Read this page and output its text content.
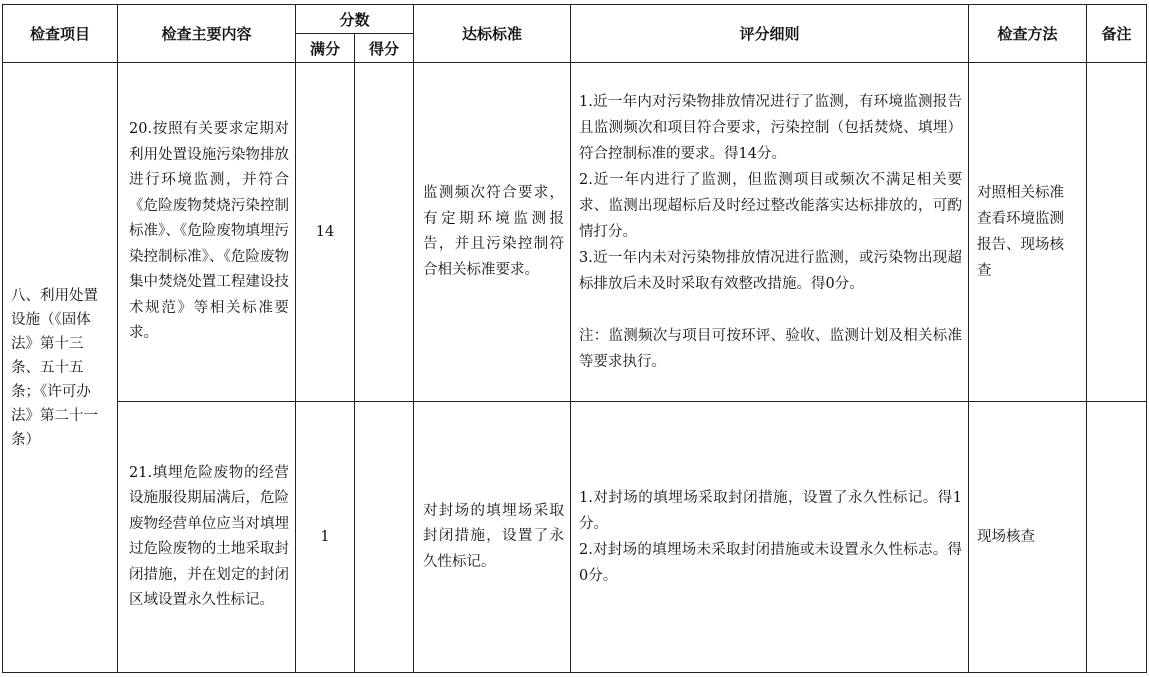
检查项目	检查主要内容	分数		达标标准	评分细则	检查方法	备注
		满分	得分				
八、利用处置设施（《固体法》第十三条、五十五条；《许可办法》第二十一条）	20.按照有关要求定期对利用处置设施污染物排放进行环境监测，并符合《危险废物焚烧污染控制标准》、《危险废物填埋污染控制标准》、《危险废物集中焚烧处置工程建设技术规范》等相关标准要求。	14		监测频次符合要求，有定期环境监测报告，并且污染控制符合相关标准要求。	1.近一年内对污染物排放情况进行了监测，有环境监测报告且监测频次和项目符合要求，污染控制（包括焚烧、填埋）符合控制标准的要求。得14分。
2.近一年内进行了监测，但监测项目或频次不满足相关要求、监测出现超标后及时经过整改能落实达标排放的，可酌情打分。
3.近一年内未对污染物排放情况进行监测，或污染物出现超标排放后未及时采取有效整改措施。得0分。
注：监测频次与项目可按环评、验收、监测计划及相关标准等要求执行。	对照相关标准查看环境监测报告、现场核查	
	21.填埋危险废物的经营设施服役期届满后，危险废物经营单位应当对填埋过危险废物的土地采取封闭措施，并在划定的封闭区域设置永久性标记。	1		对封场的填埋场采取封闭措施，设置了永久性标记。	1.对封场的填埋场采取封闭措施，设置了永久性标记。得1分。
2.对封场的填埋场未采取封闭措施或未设置永久性标志。得0分。	现场核查	
